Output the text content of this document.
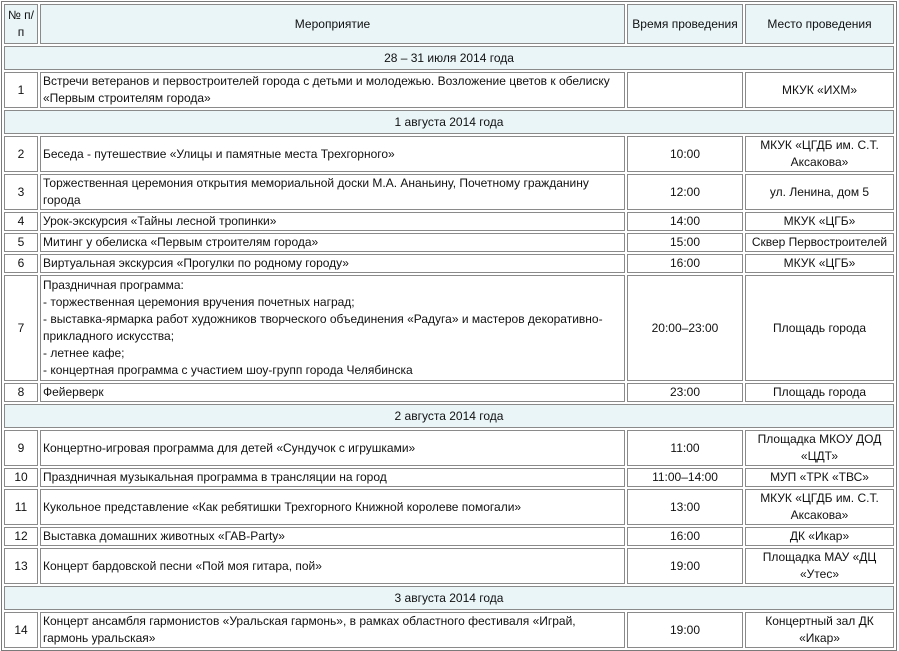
№ п/п	Мероприятие	Время проведения	Место проведения
28 – 31 июля 2014 года			
1	Встречи ветеранов и первостроителей города с детьми и молодежью. Возложение цветов к обелиску «Первым строителям города»		МКУК «ИХМ»
1 августа 2014 года			
2	Беседа - путешествие «Улицы и памятные места Трехгорного»	10:00	МКУК «ЦГДБ им. С.Т. Аксакова»
3	Торжественная церемония открытия мемориальной доски М.А. Ананьину, Почетному гражданину города	12:00	ул. Ленина, дом 5
4	Урок-экскурсия «Тайны лесной тропинки»	14:00	МКУК «ЦГБ»
5	Митинг у обелиска «Первым строителям города»	15:00	Сквер Первостроителей
6	Виртуальная экскурсия «Прогулки по родному городу»	16:00	МКУК «ЦГБ»
7	Праздничная программа:
- торжественная церемония вручения почетных наград;
- выставка-ярмарка работ художников творческого объединения «Радуга» и мастеров декоративно-прикладного искусства;
- летнее кафе;
- концертная программа с участием шоу-групп города Челябинска	20:00–23:00	Площадь города
8	Фейерверк	23:00	Площадь города
2 августа 2014 года			
9	Концертно-игровая программа для детей «Сундучок с игрушками»	11:00	Площадка МКОУ ДОД «ЦДТ»
10	Праздничная музыкальная программа в трансляции на город	11:00–14:00	МУП «ТРК «ТВС»
11	Кукольное представление «Как ребятишки Трехгорного Книжной королеве помогали»	13:00	МКУК «ЦГДБ им. С.Т. Аксакова»
12	Выставка домашних животных «ГАВ-Party»	16:00	ДК «Икар»
13	Концерт бардовской песни «Пой моя гитара, пой»	19:00	Площадка МАУ «ДЦ «Утес»
3 августа 2014 года			
14	Концерт ансамбля гармонистов «Уральская гармонь», в рамках областного фестиваля «Играй, гармонь уральская»	19:00	Концертный зал ДК «Икар»
